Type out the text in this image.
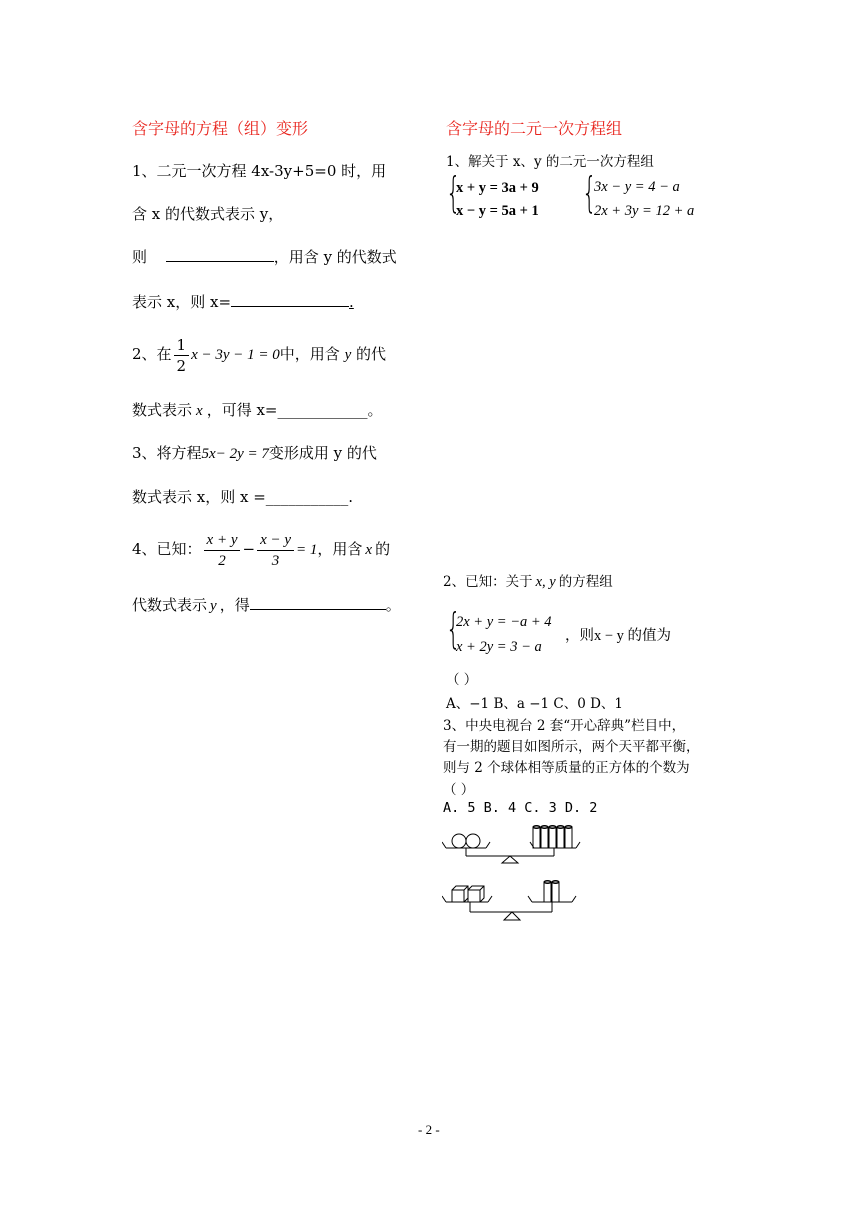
含字母的方程（组）变形
1、二元一次方程 4x-3y+5=0 时，用
含 x 的代数式表示 y，
则	，用含 y 的代数式
表示 x，则 x=	.
2、在 $\frac{1}{2}$ x − 3y − 1 = 0中，用含 y 的代
数式表示 x ，可得 x=____________。
3、将方程5x− 2y = 7变形成用 y 的代
数式表示 x，则 x =___________.
4、已知： $\frac{x + y}{2} - \frac{x - y}{3} = 1$，用含 x 的
代数式表示 y ，得	。
含字母的二元一次方程组
1、解关于 x、y 的二元一次方程组
{
x + y = 3a + 9
x − y = 5a + 1 {
3x − y = 4 − a
2x + 3y = 12 + a
2、已知：关于 x, y 的方程组
{
2x + y = −a + 4
x + 2y = 3 − a
，则x − y 的值为
（ ）
A、−1 B、a −1 C、0 D、1
3、中央电视台 2 套“开心辞典”栏目中，
有一期的题目如图所示，两个天平都平衡，
则与 2 个球体相等质量的正方体的个数为
（ ）
A. 5 B. 4 C. 3 D. 2
- 2 -
